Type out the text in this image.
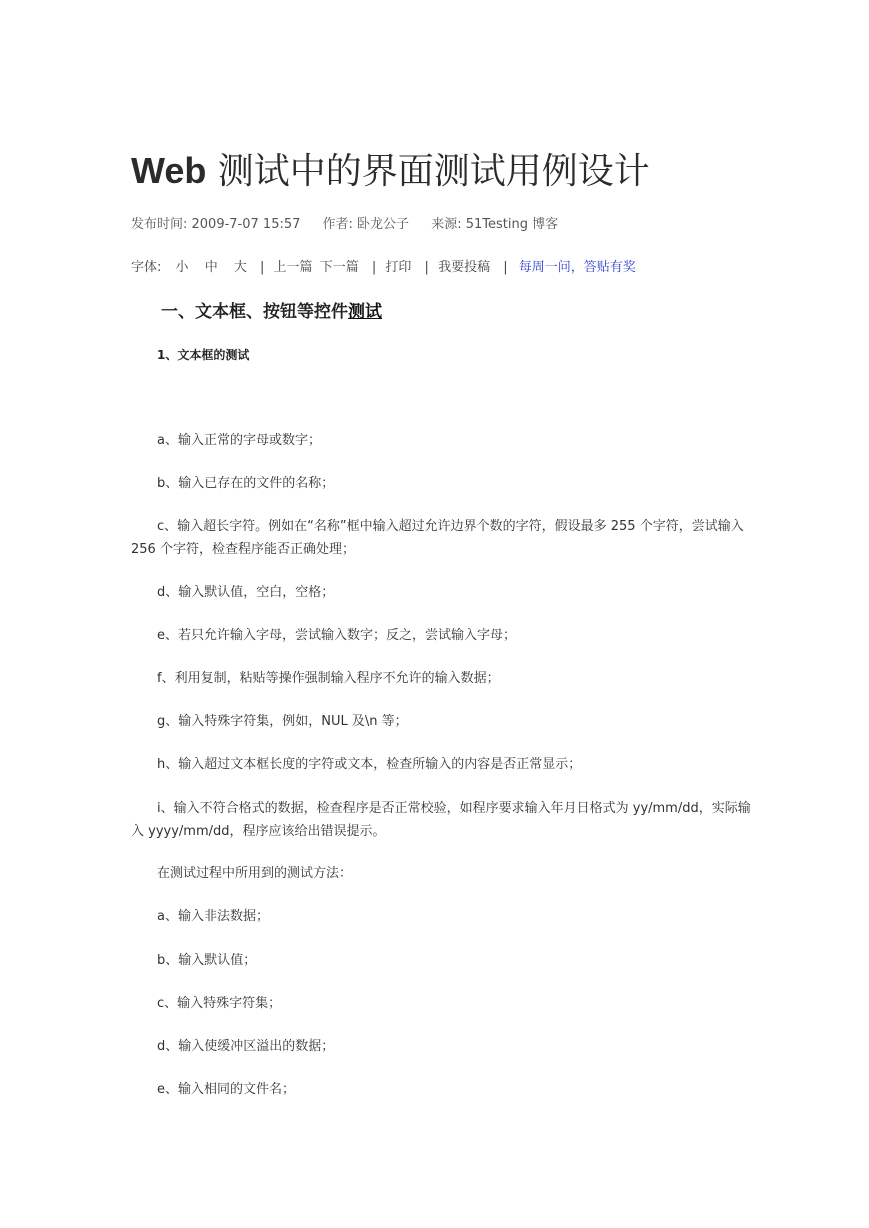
Web 测试中的界面测试用例设计
发布时间: 2009-7-07 15:57 作者: 卧龙公子 来源: 51Testing 博客
字体: 小 中 大 | 上一篇 下一篇 | 打印 | 我要投稿 | 每周一问，答贴有奖
一、文本框、按钮等控件测试
1、文本框的测试

a、输入正常的字母或数字；

b、输入已存在的文件的名称；

c、输入超长字符。例如在“名称”框中输入超过允许边界个数的字符，假设最多 255 个字符，尝试输入 256 个字符，检查程序能否正确处理；

d、输入默认值，空白，空格；

e、若只允许输入字母，尝试输入数字；反之，尝试输入字母；

f、利用复制，粘贴等操作强制输入程序不允许的输入数据；

g、输入特殊字符集，例如，NUL 及\n 等；

h、输入超过文本框长度的字符或文本，检查所输入的内容是否正常显示；

i、输入不符合格式的数据，检查程序是否正常校验，如程序要求输入年月日格式为 yy/mm/dd，实际输入 yyyy/mm/dd，程序应该给出错误提示。

在测试过程中所用到的测试方法：

a、输入非法数据；

b、输入默认值；

c、输入特殊字符集；

d、输入使缓冲区溢出的数据；

e、输入相同的文件名；
